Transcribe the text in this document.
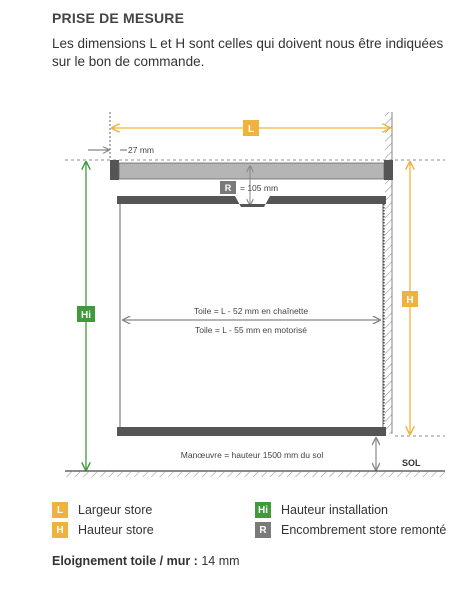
PRISE DE MESURE
Les dimensions L et H sont celles qui doivent nous être indiquées sur le bon de commande.
L
27 mm
R = 105 mm
Toile = L - 52 mm en chaînette
Toile = L - 55 mm en motorisé
H
Hi
Manœuvre = hauteur 1500 mm du sol
SOL
L	Largeur store	Hi Hauteur installation
H	Hauteur store	R	Encombrement store remonté
Eloignement toile / mur : 14 mm
